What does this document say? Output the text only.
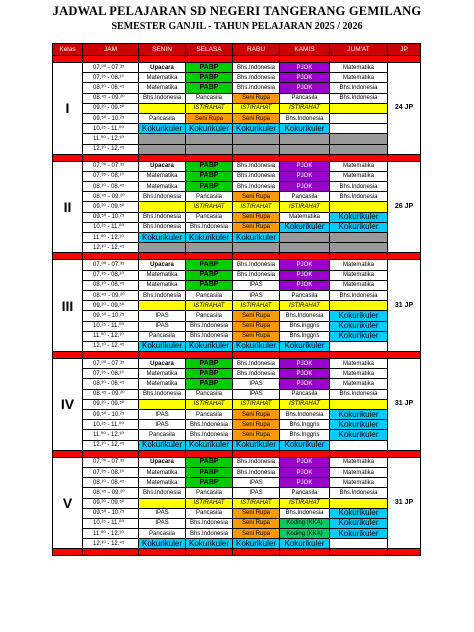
JADWAL PELAJARAN SD NEGERI TANGERANG GEMILANG
SEMESTER GANJIL - TAHUN PELAJARAN 2025 / 2026
Kelas	JAM	SENIN	SELASA	RABU	KAMIS	JUM'AT	JP

I	07.⁰⁰ - 07.³⁵	Upacara	PABP	Bhs.Indonesia	PJOK	Matematika	24 JP
	07.³⁵ - 08.¹⁰	Matematika	PABP	Bhs.Indonesia	PJOK	Matematika	
	08.¹⁰ - 08.⁴⁵	Matematika	PABP	Bhs.Indonesia	PJOK	Bhs.Indonesia	
	08.⁴⁵ - 09.²⁰	Bhs.Indonesia	Pancasila	Seni Rupa	Pancasila	Bhs.Indonesia	
	09.²⁰ - 09.⁵⁰		ISTIRAHAT	ISTIRAHAT	ISTIRAHAT		
	09.⁵⁰ - 10.²⁵	Pancasila	Seni Rupa	Seni Rupa	Bhs.Indonesia		
	10.²⁵ - 11.⁰⁰	Kokurikuler	Kokurikuler	Kokurikuler	Kokurikuler		
	11.⁰⁰ - 12.¹⁰						
	12.¹⁰ - 12.⁴⁵						

II	07.⁰⁰ - 07.³⁵	Upacara	PABP	Bhs.Indonesia	PJOK	Matematika	26 JP
	07.³⁵ - 08.¹⁰	Matematika	PABP	Bhs.Indonesia	PJOK	Matematika	
	08.¹⁰ - 08.⁴⁵	Matematika	PABP	Bhs.Indonesia	PJOK	Bhs.Indonesia	
	08.⁴⁵ - 09.²⁰	Bhs.Indonesia	Pancasila	Seni Rupa	Pancasila	Bhs.Indonesia	
	09.²⁰ - 09.⁵⁰		ISTIRAHAT	ISTIRAHAT	ISTIRAHAT		
	09.⁵⁰ - 10.²⁵	Bhs.Indonesia	Pancasila	Seni Rupa	Matematika	Kokurikuler	
	10.²⁵ - 11.⁰⁰	Bhs.Indonesia	Bhs.Indonesia	Seni Rupa	Kokurikuler	Kokurikuler	
	11.⁰⁰ - 12.¹⁰	Kokurikuler	Kokurikuler	Kokurikuler			
	12.¹⁰ - 12.⁴⁵						

III	07.⁰⁰ - 07.³⁵	Upacara	PABP	Bhs.Indonesia	PJOK	Matematika	31 JP
	07.³⁵ - 08.¹⁰	Matematika	PABP	Bhs.Indonesia	PJOK	Matematika	
	08.¹⁰ - 08.⁴⁵	Matematika	PABP	IPAS	PJOK	Matematika	
	08.⁴⁵ - 09.²⁰	Bhs.Indonesia	Pancasila	IPAS	Pancasila	Bhs.Indonesia	
	09.²⁰ - 09.⁵⁰		ISTIRAHAT	ISTIRAHAT	ISTIRAHAT		
	09.⁵⁰ - 10.²⁵	IPAS	Pancasila	Seni Rupa	Bhs.Indonesia	Kokurikuler	
	10.²⁵ - 11.⁰⁰	IPAS	Bhs.Indonesia	Seni Rupa	Bhs.Inggris	Kokurikuler	
	11.⁰⁰ - 12.¹⁰	Pancasila	Bhs.Indonesia	Seni Rupa	Bhs.Inggris	Kokurikuler	
	12.¹⁰ - 12.⁴⁵	Kokurikuler	Kokurikuler	Kokurikuler	Kokurikuler		

IV	07.⁰⁰ - 07.³⁵	Upacara	PABP	Bhs.Indonesia	PJOK	Matematika	31 JP
	07.³⁵ - 08.¹⁰	Matematika	PABP	Bhs.Indonesia	PJOK	Matematika	
	08.¹⁰ - 08.⁴⁵	Matematika	PABP	IPAS	PJOK	Matematika	
	08.⁴⁵ - 09.²⁰	Bhs.Indonesia	Pancasila	IPAS	Pancasila	Bhs.Indonesia	
	09.²⁰ - 09.⁵⁰		ISTIRAHAT	ISTIRAHAT	ISTIRAHAT		
	09.⁵⁰ - 10.²⁵	IPAS	Pancasila	Seni Rupa	Bhs.Indonesia	Kokurikuler	
	10.²⁵ - 11.⁰⁰	IPAS	Bhs.Indonesia	Seni Rupa	Bhs.Inggris	Kokurikuler	
	11.⁰⁰ - 12.¹⁰	Pancasila	Bhs.Indonesia	Seni Rupa	Bhs.Inggris	Kokurikuler	
	12.¹⁰ - 12.⁴⁵	Kokurikuler	Kokurikuler	Kokurikuler	Kokurikuler		

V	07.⁰⁰ - 07.³⁵	Upacara	PABP	Bhs.Indonesia	PJOK	Matematika	31 JP
	07.³⁵ - 08.¹⁰	Matematika	PABP	Bhs.Indonesia	PJOK	Matematika	
	08.¹⁰ - 08.⁴⁵	Matematika	PABP	IPAS	PJOK	Matematika	
	08.⁴⁵ - 09.²⁰	Bhs.Indonesia	Pancasila	IPAS	Pancasila	Bhs.Indonesia	
	09.²⁰ - 09.⁵⁰		ISTIRAHAT	ISTIRAHAT	ISTIRAHAT		
	09.⁵⁰ - 10.²⁵	IPAS	Pancasila	Seni Rupa	Bhs.Indonesia	Kokurikuler	
	10.²⁵ - 11.⁰⁰	IPAS	Bhs.Indonesia	Seni Rupa	Koding (KKA)	Kokurikuler	
	11.⁰⁰ - 12.¹⁰	Pancasila	Bhs.Indonesia	Seni Rupa	Koding (KKA)	Kokurikuler	
	12.¹⁰ - 12.⁴⁵	Kokurikuler	Kokurikuler	Kokurikuler	Kokurikuler		
